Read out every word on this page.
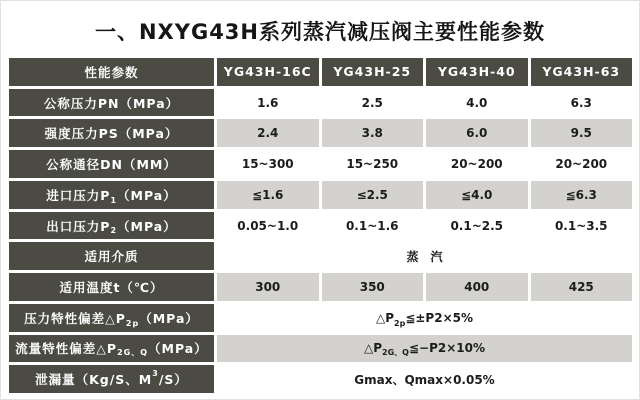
一、NXYG43H系列蒸汽减压阀主要性能参数
性能参数	YG43H-16C	YG43H-25	YG43H-40	YG43H-63
公称压力PN（MPa）	1.6	2.5	4.0	6.3
强度压力PS（MPa）	2.4	3.8	6.0	9.5
公称通径DN（MM）	15~300	15~250	20~200	20~200
进口压力P 1 （MPa）	≦1.6	≤2.5	≦4.0	≦6.3
出口压力P 2 （MPa）	0.05~1.0	0.1~1.6	0.1~2.5	0.1~3.5
适用介质	蒸　汽
适用温度t（℃）	300	350	400	425
压力特性偏差△P 2p （MPa）	△P 2p ≦±P2×5%
流量特性偏差△P 2G、Q （MPa）	△P 2G、Q ≦−P2×10%
泄漏量（Kg/S、M 3 /S）	Gmax、Qmax×0.05%
